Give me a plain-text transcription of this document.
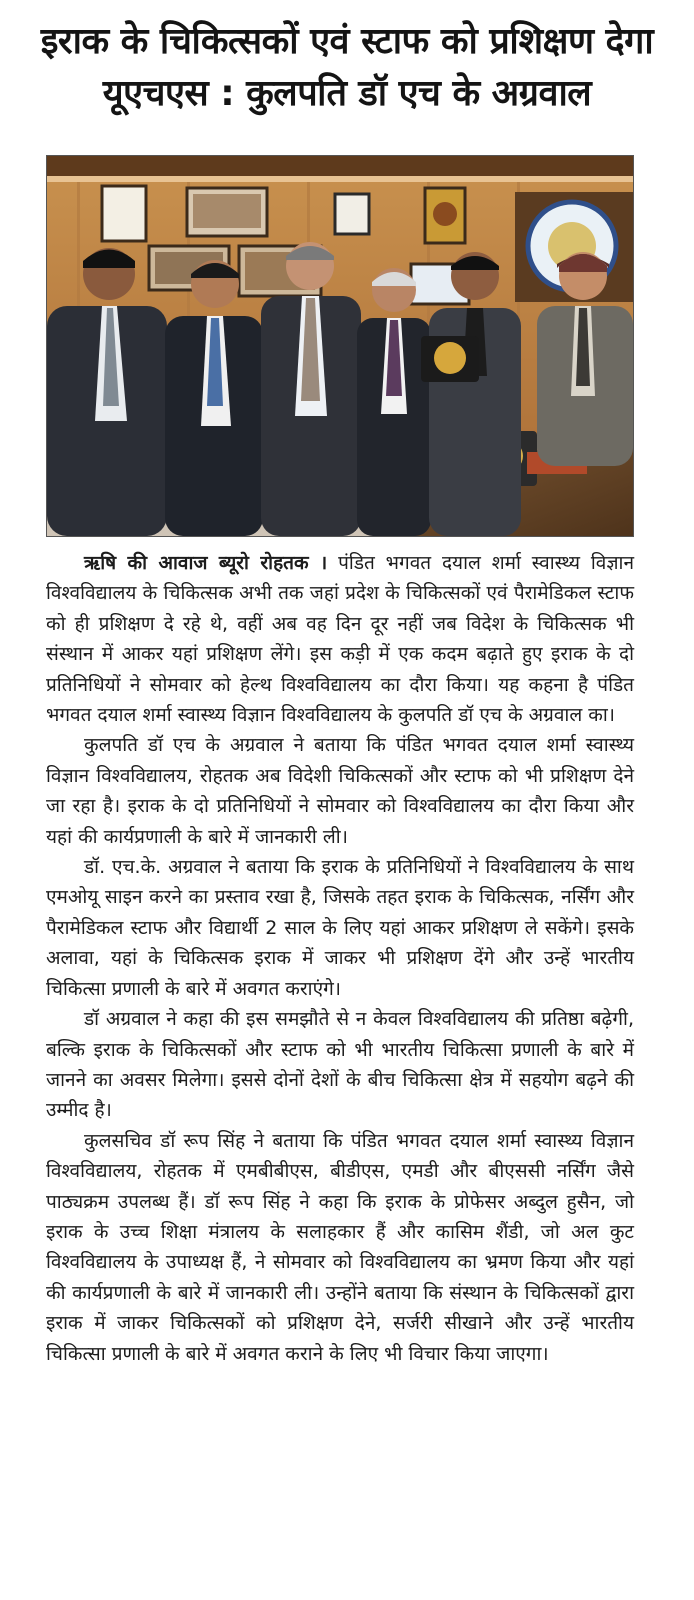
इराक के चिकित्सकों एवं स्टाफ को प्रशिक्षण देगा
यूएचएस : कुलपति डॉ एच के अग्रवाल

ऋषि की आवाज ब्यूरो रोहतक । पंडित भगवत दयाल शर्मा स्वास्थ्य विज्ञान विश्वविद्यालय के चिकित्सक अभी तक जहां प्रदेश के चिकित्सकों एवं पैरामेडिकल स्टाफ को ही प्रशिक्षण दे रहे थे, वहीं अब वह दिन दूर नहीं जब विदेश के चिकित्सक भी संस्थान में आकर यहां प्रशिक्षण लेंगे। इस कड़ी में एक कदम बढ़ाते हुए इराक के दो प्रतिनिधियों ने सोमवार को हेल्थ विश्वविद्यालय का दौरा किया। यह कहना है पंडित भगवत दयाल शर्मा स्वास्थ्य विज्ञान विश्वविद्यालय के कुलपति डॉ एच के अग्रवाल का।

कुलपति डॉ एच के अग्रवाल ने बताया कि पंडित भगवत दयाल शर्मा स्वास्थ्य विज्ञान विश्वविद्यालय, रोहतक अब विदेशी चिकित्सकों और स्टाफ को भी प्रशिक्षण देने जा रहा है। इराक के दो प्रतिनिधियों ने सोमवार को विश्वविद्यालय का दौरा किया और यहां की कार्यप्रणाली के बारे में जानकारी ली।

डॉ. एच.के. अग्रवाल ने बताया कि इराक के प्रतिनिधियों ने विश्वविद्यालय के साथ एमओयू साइन करने का प्रस्ताव रखा है, जिसके तहत इराक के चिकित्सक, नर्सिंग और पैरामेडिकल स्टाफ और विद्यार्थी 2 साल के लिए यहां आकर प्रशिक्षण ले सकेंगे। इसके अलावा, यहां के चिकित्सक इराक में जाकर भी प्रशिक्षण देंगे और उन्हें भारतीय चिकित्सा प्रणाली के बारे में अवगत कराएंगे।

डॉ अग्रवाल ने कहा की इस समझौते से न केवल विश्वविद्यालय की प्रतिष्ठा बढ़ेगी, बल्कि इराक के चिकित्सकों और स्टाफ को भी भारतीय चिकित्सा प्रणाली के बारे में जानने का अवसर मिलेगा। इससे दोनों देशों के बीच चिकित्सा क्षेत्र में सहयोग बढ़ने की उम्मीद है।

कुलसचिव डॉ रूप सिंह ने बताया कि पंडित भगवत दयाल शर्मा स्वास्थ्य विज्ञान विश्वविद्यालय, रोहतक में एमबीबीएस, बीडीएस, एमडी और बीएससी नर्सिंग जैसे पाठ्यक्रम उपलब्ध हैं। डॉ रूप सिंह ने कहा कि इराक के प्रोफेसर अब्दुल हुसैन, जो इराक के उच्च शिक्षा मंत्रालय के सलाहकार हैं और कासिम शैंडी, जो अल कुट विश्वविद्यालय के उपाध्यक्ष हैं, ने सोमवार को विश्वविद्यालय का भ्रमण किया और यहां की कार्यप्रणाली के बारे में जानकारी ली। उन्होंने बताया कि संस्थान के चिकित्सकों द्वारा इराक में जाकर चिकित्सकों को प्रशिक्षण देने, सर्जरी सीखाने और उन्हें भारतीय चिकित्सा प्रणाली के बारे में अवगत कराने के लिए भी विचार किया जाएगा।
